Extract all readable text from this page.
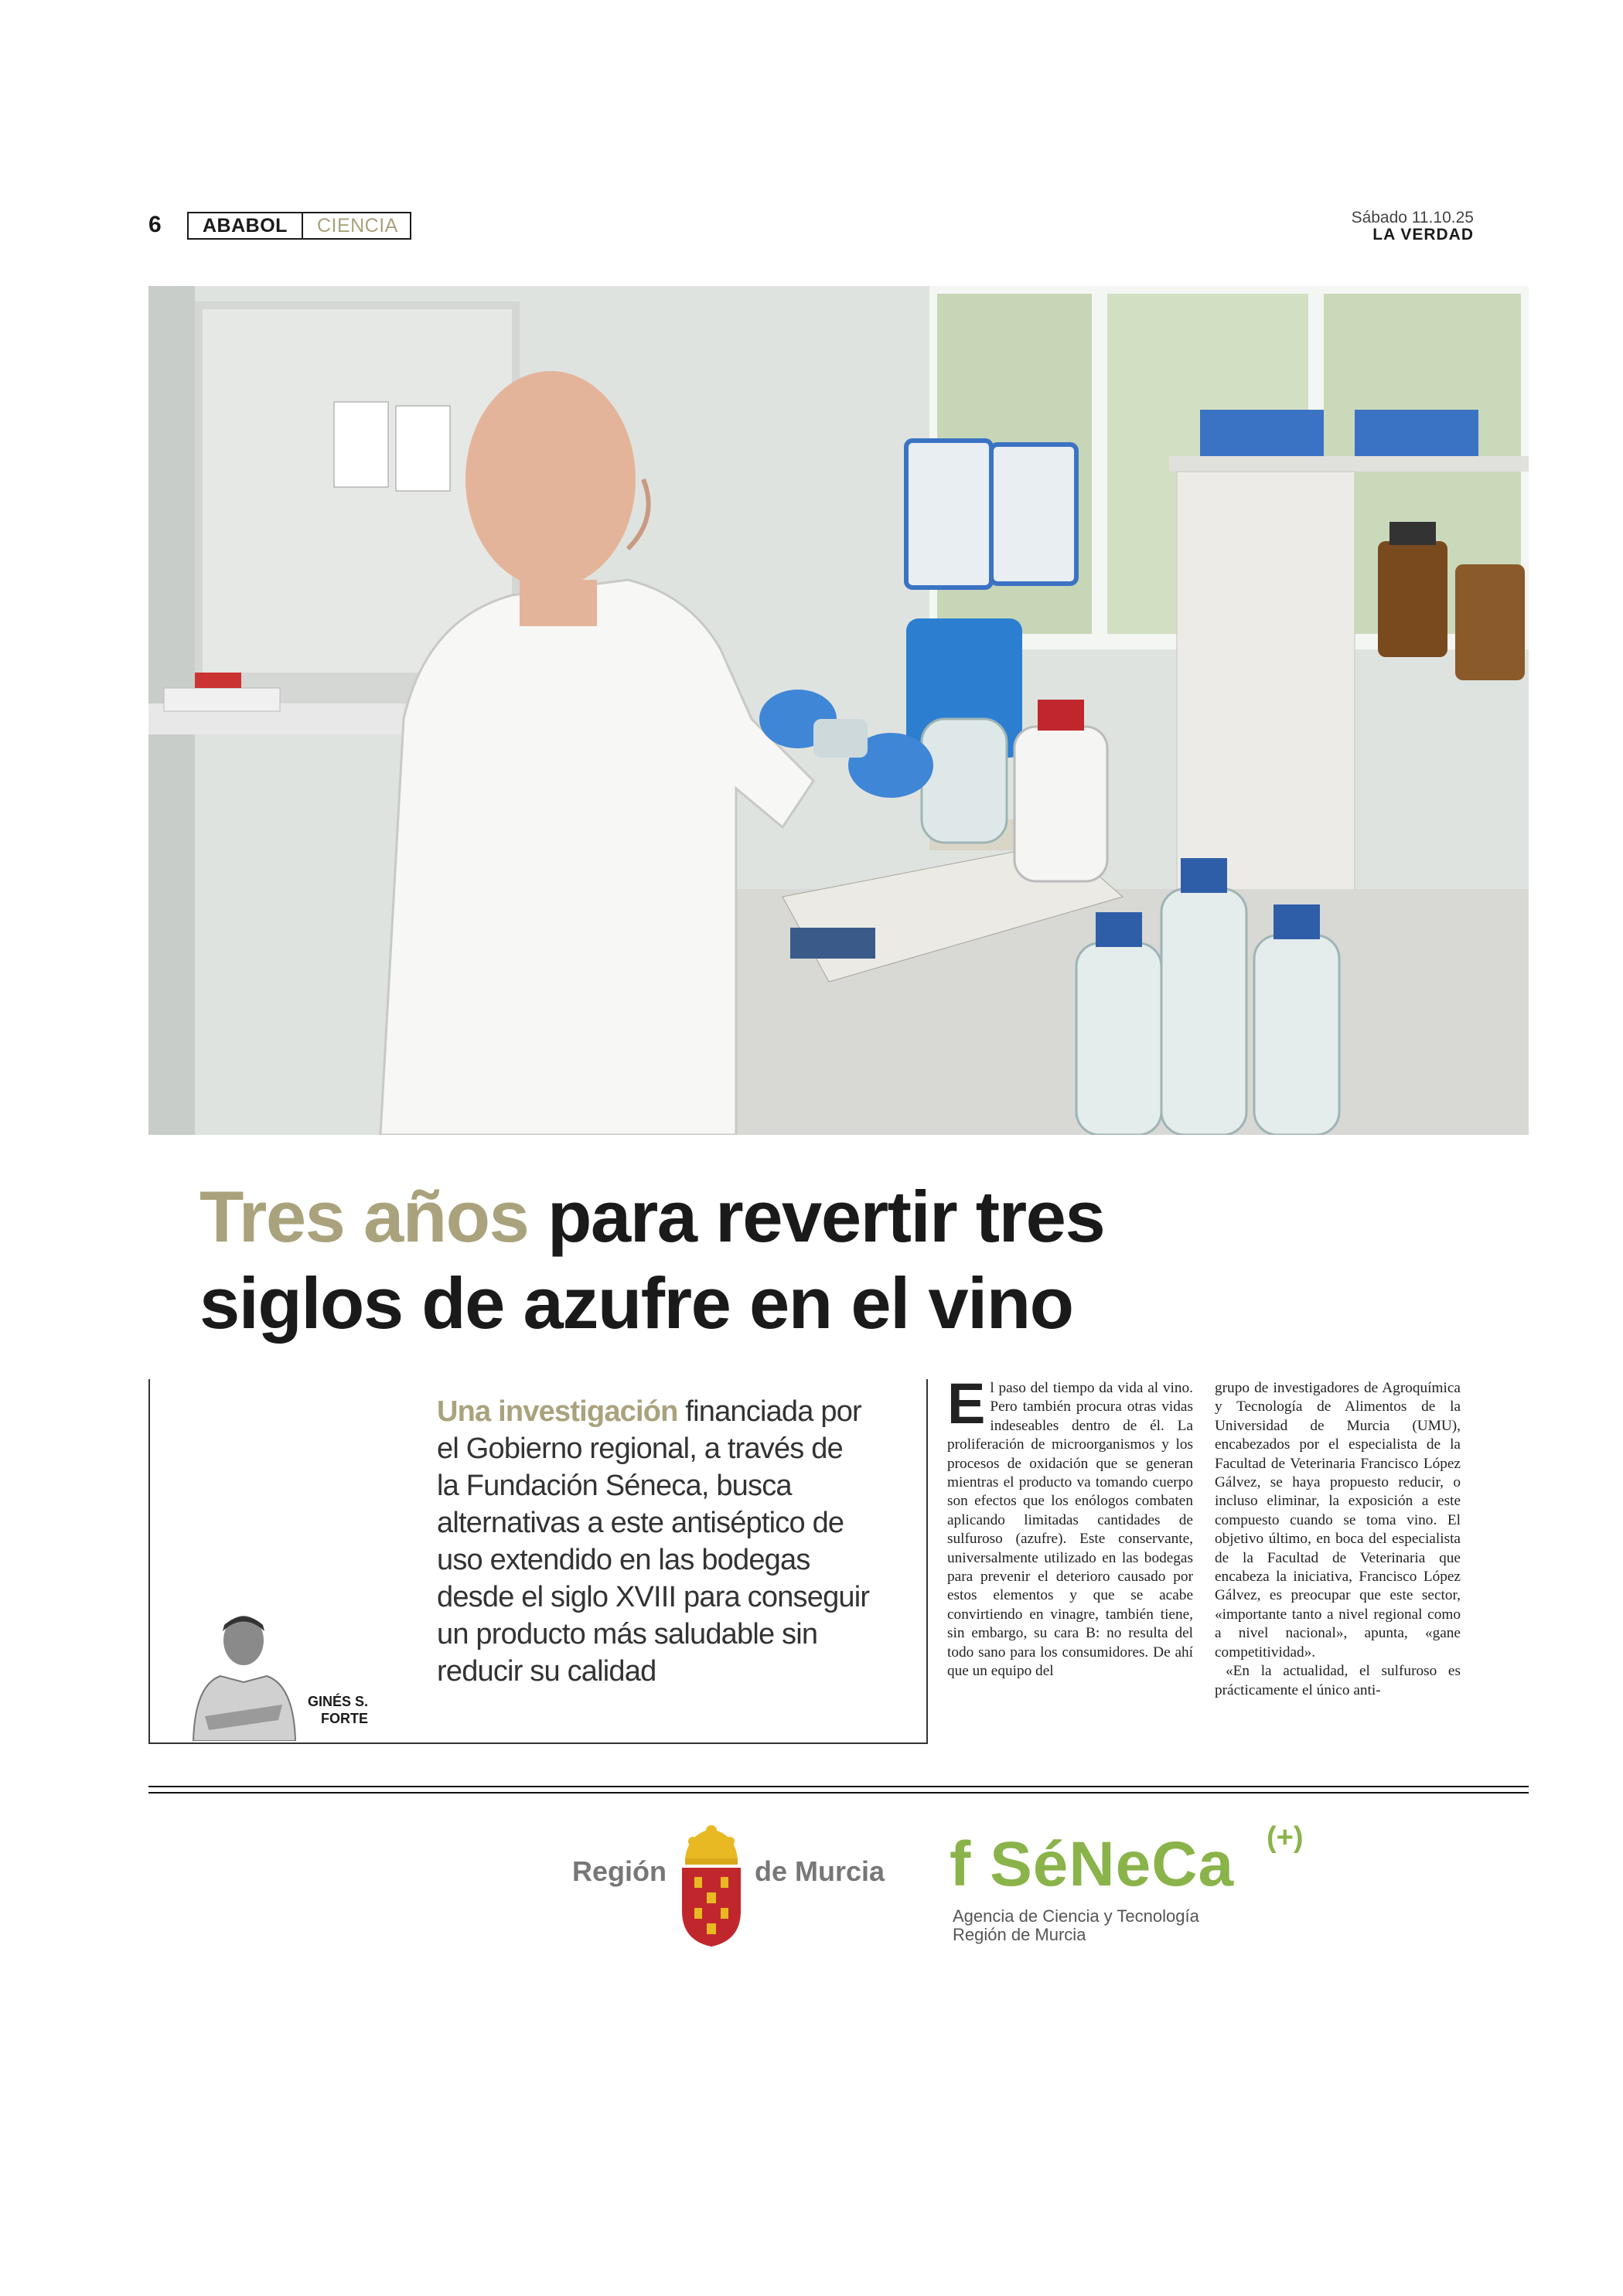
6	ABABOL	CIENCIA	Sábado 11.10.25
LA VERDAD
Tres años para revertir tres
siglos de azufre en el vino
Una investigación financiada por el Gobierno regional, a través de la Fundación Séneca, busca alternativas a este antiséptico de uso extendido en las bodegas desde el siglo XVIII para conseguir un producto más saludable sin reducir su calidad
GINÉS S.
FORTE

El paso del tiempo da vida al vino. Pero también procura otras vidas indeseables dentro de él. La proliferación de microorganismos y los procesos de oxidación que se generan mientras el producto va tomando cuerpo son efectos que los enólogos combaten aplicando limitadas cantidades de sulfuroso (azufre). Este conservante, universalmente utilizado en las bodegas para prevenir el deterioro causado por estos elementos y que se acabe convirtiendo en vinagre, también tiene, sin embargo, su cara B: no resulta del todo sano para los consumidores. De ahí que un equipo del

grupo de investigadores de Agroquímica y Tecnología de Alimentos de la Universidad de Murcia (UMU), encabezados por el especialista de la Facultad de Veterinaria Francisco López Gálvez, se haya propuesto reducir, o incluso eliminar, la exposición a este compuesto cuando se toma vino. El objetivo último, en boca del especialista de la Facultad de Veterinaria que encabeza la iniciativa, Francisco López Gálvez, es preocupar que este sector, «importante tanto a nivel regional como a nivel nacional», apunta, «gane competitividad».

«En la actualidad, el sulfuroso es prácticamente el único anti-

Región	de Murcia f SéNeCa (+)
Agencia de Ciencia y Tecnología
Región de Murcia
